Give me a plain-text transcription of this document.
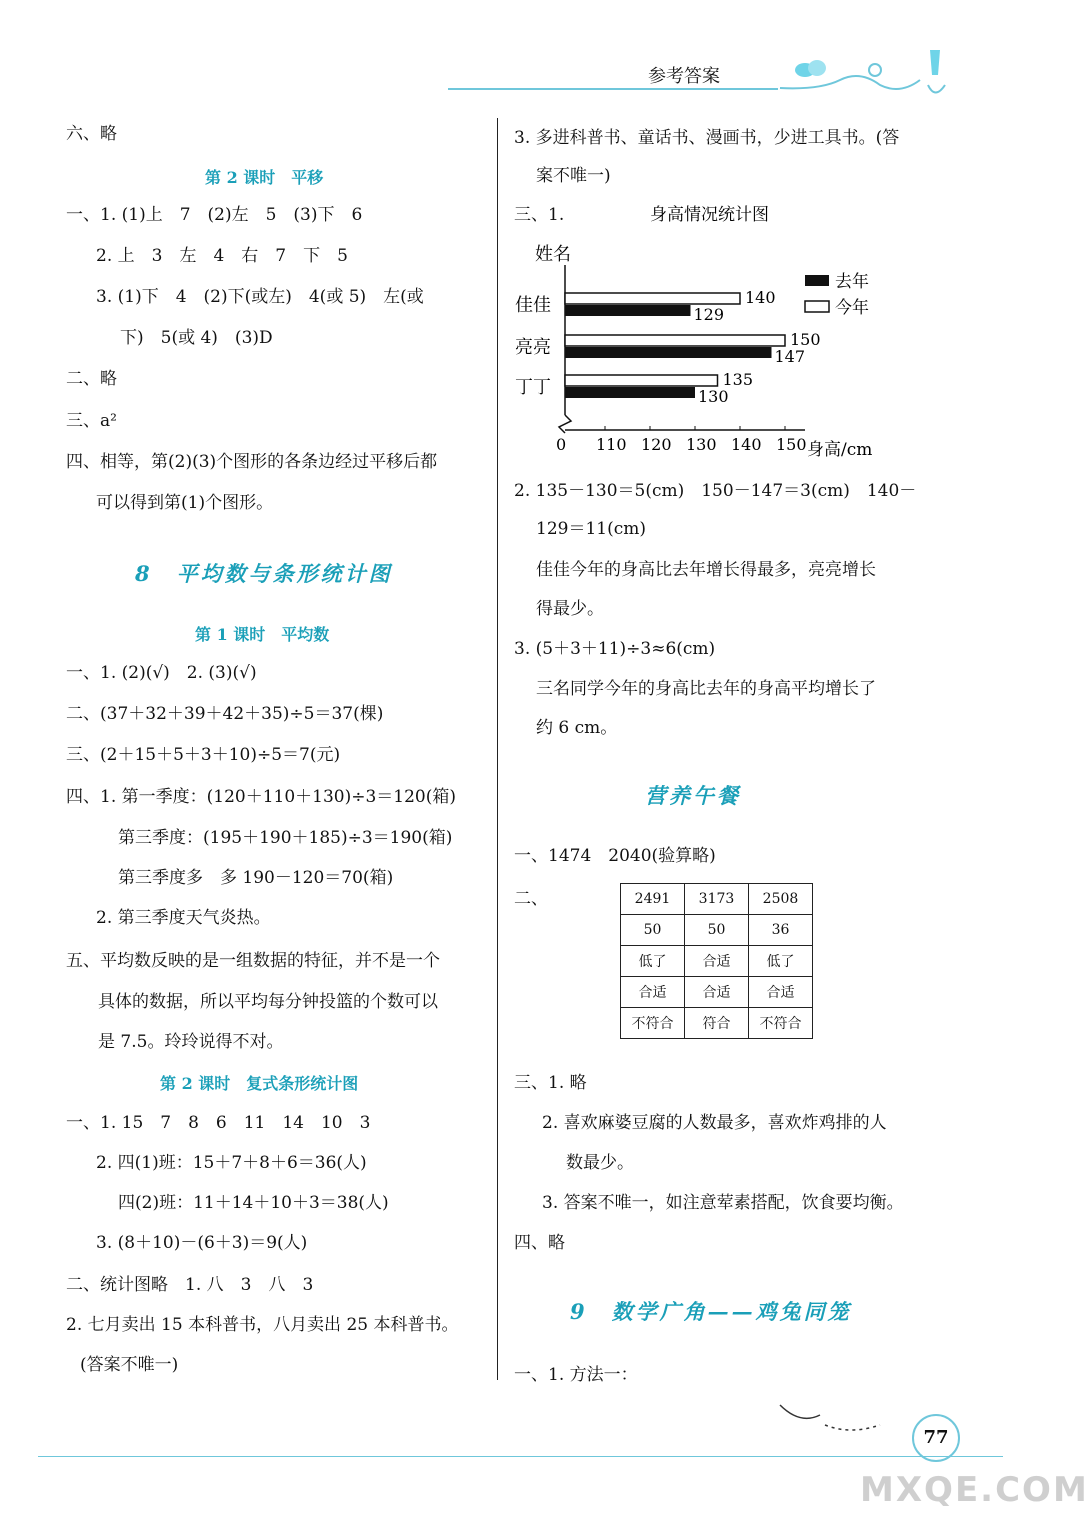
参考答案
六、略
第 2 课时　平移
一、1. (1)上　7　(2)左　5　(3)下　6
2. 上　3　左　4　右　7　下　5
3. (1)下　4　(2)下(或左)　4(或 5)　左(或
下)　5(或 4)　(3)D
二、略
三、a²
四、相等，第(2)(3)个图形的各条边经过平移后都
可以得到第(1)个图形。
8　平均数与条形统计图
第 1 课时　平均数
一、1. (2)(√)　2. (3)(√)
二、(37＋32＋39＋42＋35)÷5＝37(棵)
三、(2＋15＋5＋3＋10)÷5＝7(元)
四、1. 第一季度：(120＋110＋130)÷3＝120(箱)
第三季度：(195＋190＋185)÷3＝190(箱)
第三季度多　多 190－120＝70(箱)
2. 第三季度天气炎热。
五、平均数反映的是一组数据的特征，并不是一个
具体的数据，所以平均每分钟投篮的个数可以
是 7.5。玲玲说得不对。
第 2 课时　复式条形统计图
一、1. 15　7　8　6　11　14　10　3
2. 四(1)班：15＋7＋8＋6＝36(人)
四(2)班：11＋14＋10＋3＝38(人)
3. (8＋10)－(6＋3)＝9(人)
二、统计图略　1. 八　3　八　3
2. 七月卖出 15 本科普书，八月卖出 25 本科普书。
(答案不唯一)
3. 多进科普书、童话书、漫画书，少进工具书。(答
案不唯一)
三、1.
2. 135－130＝5(cm)　150－147＝3(cm)　140－
129＝11(cm)
佳佳今年的身高比去年增长得最多，亮亮增长
得最少。
3. (5＋3＋11)÷3≈6(cm)
三名同学今年的身高比去年的身高平均增长了
约 6 cm。
营养午餐
一、1474　2040(验算略)
二、
三、1. 略
2. 喜欢麻婆豆腐的人数最多，喜欢炸鸡排的人
数最少。
3. 答案不唯一，如注意荤素搭配，饮食要均衡。
四、略
9　数学广角——鸡兔同笼
一、1. 方法一：
身高情况统计图
姓名
0 110 120 130 140 150 身高/cm
佳佳	140
129
亮亮	150
147
丁丁	135
130
去年
今年
2491	3173	2508
50	50	36
低了	合适	低了
合适	合适	合适
不符合	符合	不符合
77
MXQE.COM
